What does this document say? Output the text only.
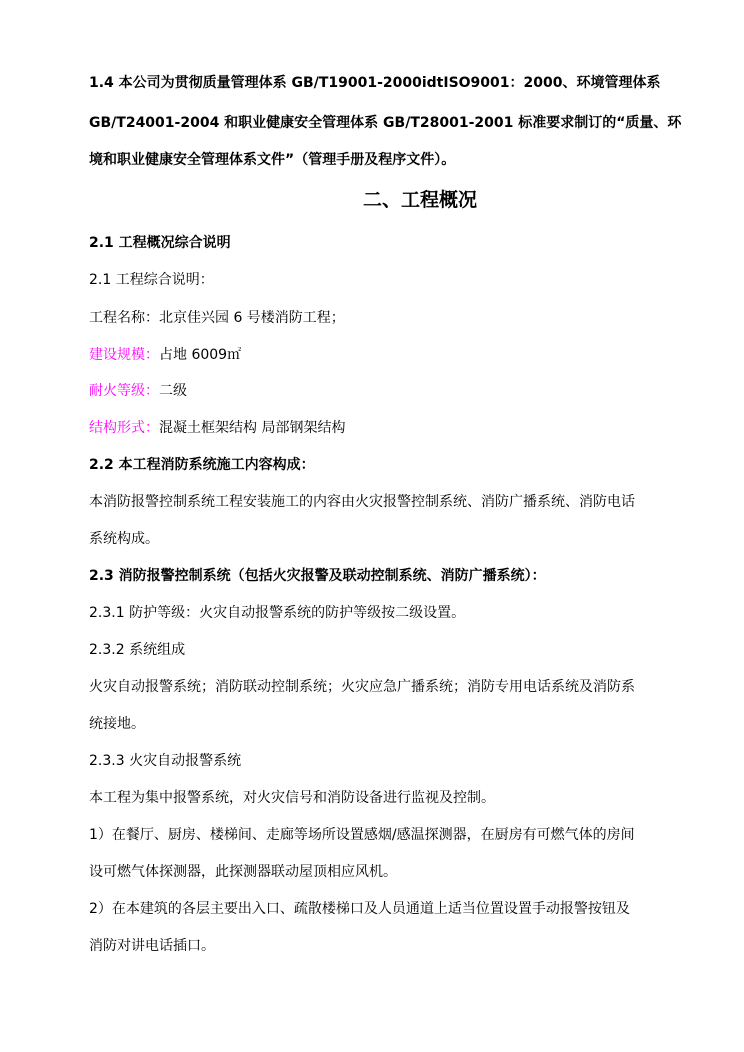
1.4 本公司为贯彻质量管理体系 GB/T19001-2000idtISO9001：2000、环境管理体系

GB/T24001-2004 和职业健康安全管理体系 GB/T28001-2001 标准要求制订的“质量、环

境和职业健康安全管理体系文件”（管理手册及程序文件）。

二、工程概况

2.1 工程概况综合说明

2.1 工程综合说明：

工程名称：北京佳兴园 6 号楼消防工程；

建设规模：占地 6009㎡

耐火等级：二级

结构形式：混凝土框架结构 局部钢架结构

2.2 本工程消防系统施工内容构成：

本消防报警控制系统工程安装施工的内容由火灾报警控制系统、消防广播系统、消防电话

系统构成。

2.3 消防报警控制系统（包括火灾报警及联动控制系统、消防广播系统）：

2.3.1 防护等级：火灾自动报警系统的防护等级按二级设置。

2.3.2 系统组成

火灾自动报警系统；消防联动控制系统；火灾应急广播系统；消防专用电话系统及消防系

统接地。

2.3.3 火灾自动报警系统

本工程为集中报警系统，对火灾信号和消防设备进行监视及控制。

1）在餐厅、厨房、楼梯间、走廊等场所设置感烟/感温探测器，在厨房有可燃气体的房间

设可燃气体探测器，此探测器联动屋顶相应风机。

2）在本建筑的各层主要出入口、疏散楼梯口及人员通道上适当位置设置手动报警按钮及

消防对讲电话插口。
